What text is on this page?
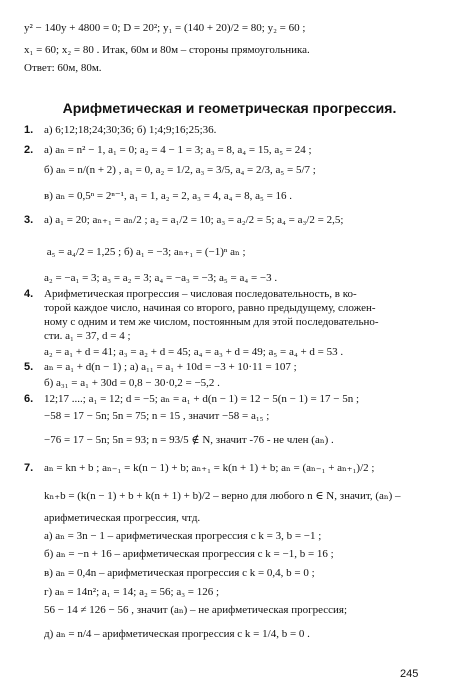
y² − 140y + 4800 = 0; D = 20²; y₁ = (140 + 20)/2 = 80; y₂ = 60 ;
x₁ = 60; x₂ = 80 . Итак, 60м и 80м – стороны прямоугольника.
Ответ: 60м, 80м.
Арифметическая и геометрическая прогрессия.
1. а) 6;12;18;24;30;36; б) 1;4;9;16;25;36.
2. а) aₙ = n² − 1, a₁ = 0; a₂ = 4 − 1 = 3; a₃ = 8, a₄ = 15, a₅ = 24 ;
б) aₙ = n/(n + 2) , a₁ = 0, a₂ = 1/2, a₃ = 3/5, a₄ = 2/3, a₅ = 5/7 ;
в) aₙ = 0,5ⁿ = 2ⁿ⁻¹, a₁ = 1, a₂ = 2, a₃ = 4, a₄ = 8, a₅ = 16 .
3. а) a₁ = 20; aₙ₊₁ = aₙ/2 ; a₂ = a₁/2 = 10; a₃ = a₂/2 = 5; a₄ = a₃/2 = 2,5;
a₅ = a₄/2 = 1,25 ; б) a₁ = −3; aₙ₊₁ = (−1)ⁿ aₙ ;
a₂ = −a₁ = 3; a₃ = a₂ = 3; a₄ = −a₃ = −3; a₅ = a₄ = −3 .
4. Арифметическая прогрессия – числовая последовательность, в ко-
торой каждое число, начиная со второго, равно предыдущему, сложен-
ному с одним и тем же числом, постоянным для этой последовательно-
сти. a₁ = 37, d = 4 ;
a₂ = a₁ + d = 41; a₃ = a₂ + d = 45; a₄ = a₃ + d = 49; a₅ = a₄ + d = 53 .
5. aₙ = a₁ + d(n − 1) ; а) a₁₁ = a₁ + 10d = −3 + 10·11 = 107 ;
б) a₃₁ = a₁ + 30d = 0,8 − 30·0,2 = −5,2 .
6. 12;17 ....; a₁ = 12; d = −5; aₙ = a₁ + d(n − 1) = 12 − 5(n − 1) = 17 − 5n ;
−58 = 17 − 5n; 5n = 75; n = 15 , значит −58 = a₁₅ ;
−76 = 17 − 5n; 5n = 93; n = 93/5 ∉ N, значит -76 - не член (aₙ) .
7. aₙ = kn + b ; aₙ₋₁ = k(n − 1) + b; aₙ₊₁ = k(n + 1) + b; aₙ = (aₙ₋₁ + aₙ₊₁)/2 ;
kₙ₊b = (k(n − 1) + b + k(n + 1) + b)/2 – верно для любого n ∈ N, значит, (aₙ) –
арифметическая прогрессия, чтд.
а) aₙ = 3n − 1 – арифметическая прогрессия с k = 3, b = −1 ;
б) aₙ = −n + 16 – арифметическая прогрессия с k = −1, b = 16 ;
в) aₙ = 0,4n – арифметическая прогрессия с k = 0,4, b = 0 ;
г) aₙ = 14n²; a₁ = 14; a₂ = 56; a₃ = 126 ;
56 − 14 ≠ 126 − 56 , значит (aₙ) – не арифметическая прогрессия;
д) aₙ = n/4 – арифметическая прогрессия с k = 1/4, b = 0 .
245
